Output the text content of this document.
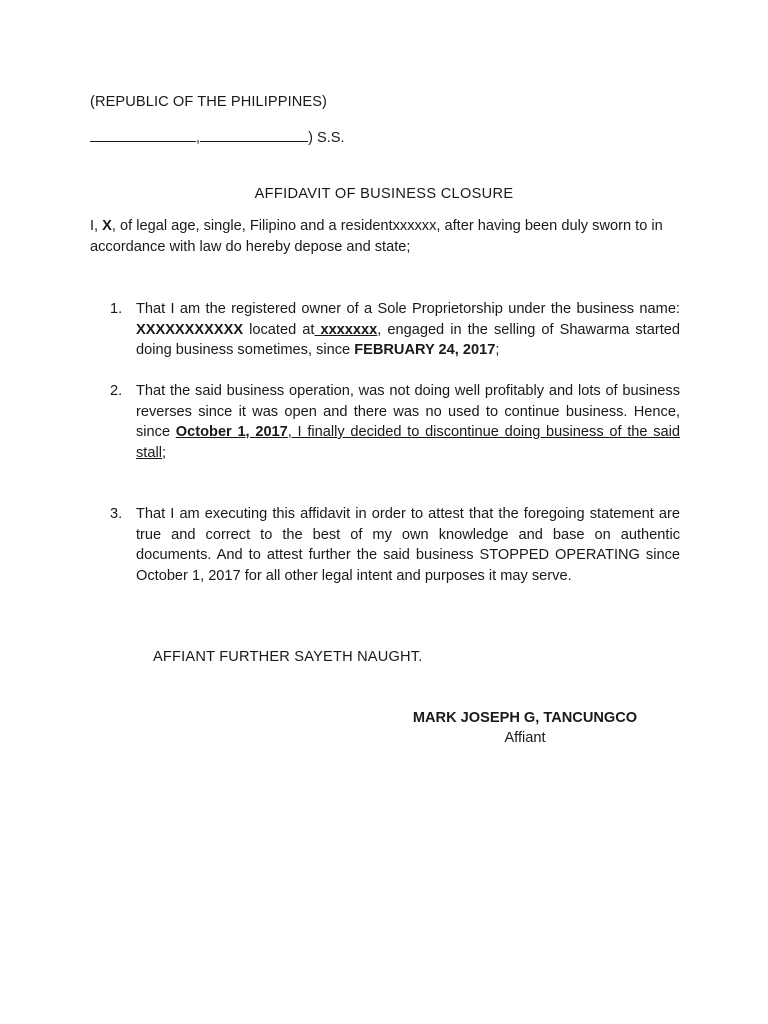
(REPUBLIC OF THE PHILIPPINES)
,	) S.S.
AFFIDAVIT OF BUSINESS CLOSURE
I, X, of legal age, single, Filipino and a residentxxxxxx, after having been duly sworn to in accordance with law do hereby depose and state;
1. That I am the registered owner of a Sole Proprietorship under the business name: XXXXXXXXXXX located at xxxxxxx, engaged in the selling of Shawarma started doing business sometimes, since FEBRUARY 24, 2017;
2. That the said business operation, was not doing well profitably and lots of business reverses since it was open and there was no used to continue business. Hence, since October 1, 2017, I finally decided to discontinue doing business of the said stall;
3. That I am executing this affidavit in order to attest that the foregoing statement are true and correct to the best of my own knowledge and base on authentic documents. And to attest further the said business STOPPED OPERATING since October 1, 2017 for all other legal intent and purposes it may serve.
AFFIANT FURTHER SAYETH NAUGHT.
MARK JOSEPH G, TANCUNGCO
Affiant
